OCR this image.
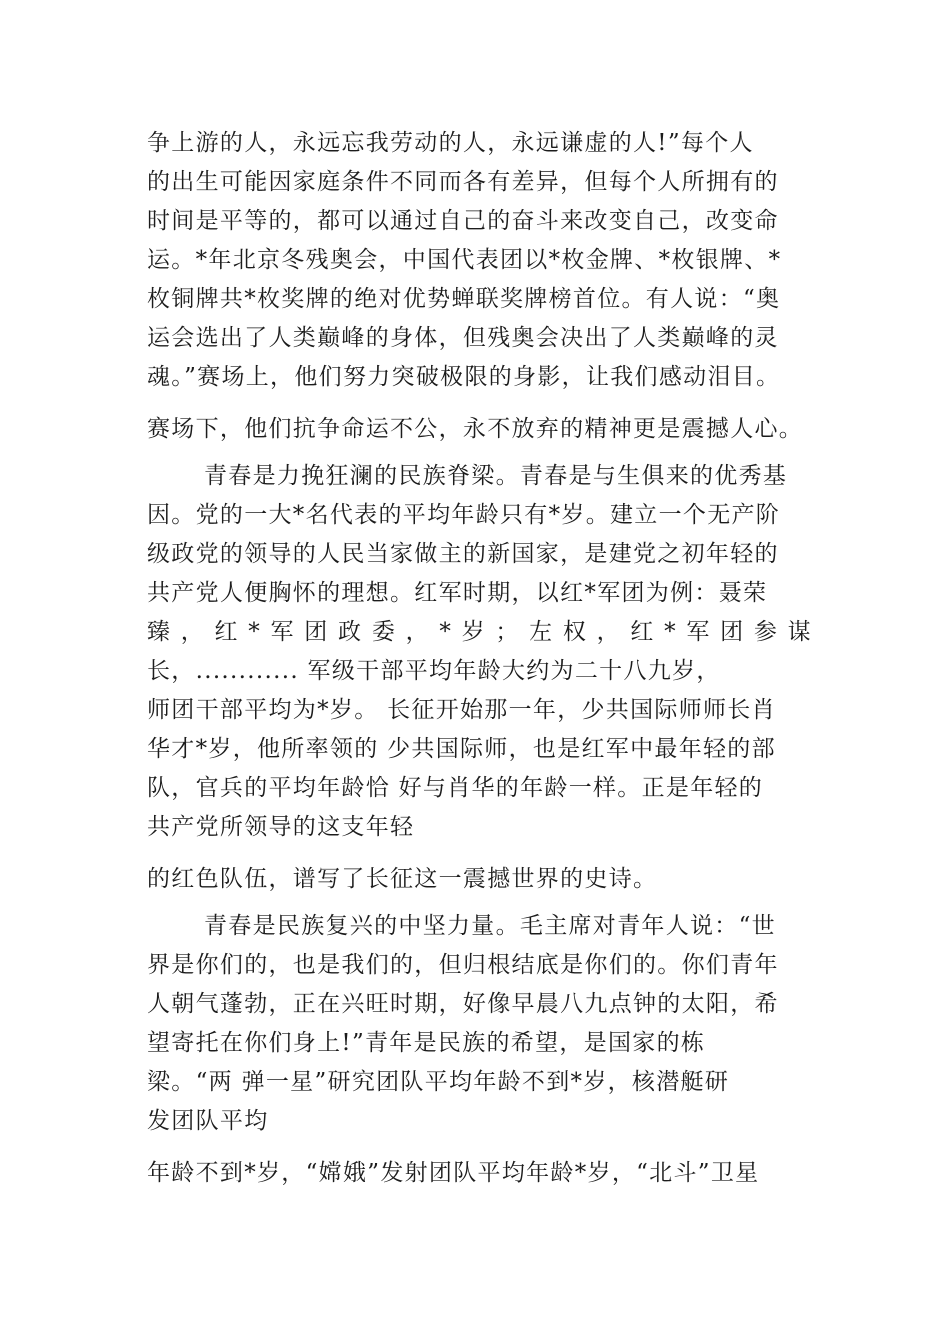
争上游的人，永远忘我劳动的人，永远谦虚的人!”每个人
的出生可能因家庭条件不同而各有差异，但每个人所拥有的
时间是平等的，都可以通过自己的奋斗来改变自己，改变命
运。*年北京冬残奥会，中国代表团以*枚金牌、*枚银牌、*
枚铜牌共*枚奖牌的绝对优势蝉联奖牌榜首位。有人说：“奥
运会选出了人类巅峰的身体，但残奥会决出了人类巅峰的灵
魂。”赛场上，他们努力突破极限的身影，让我们感动泪目。
赛场下，他们抗争命运不公，永不放弃的精神更是震撼人心。
青春是力挽狂澜的民族脊梁。青春是与生俱来的优秀基
因。党的一大*名代表的平均年龄只有*岁。建立一个无产阶
级政党的领导的人民当家做主的新国家，是建党之初年轻的
共产党人便胸怀的理想。红军时期，以红*军团为例：聂荣
臻，红*军团政委，*岁；左权，红*军团参谋
长，............ 军级干部平均年龄大约为二十八九岁，
师团干部平均为*岁。 长征开始那一年，少共国际师师长肖
华才*岁，他所率领的 少共国际师，也是红军中最年轻的部
队，官兵的平均年龄恰 好与肖华的年龄一样。正是年轻的
共产党所领导的这支年轻
的红色队伍，谱写了长征这一震撼世界的史诗。
青春是民族复兴的中坚力量。毛主席对青年人说：“世
界是你们的，也是我们的，但归根结底是你们的。你们青年
人朝气蓬勃，正在兴旺时期，好像早晨八九点钟的太阳，希
望寄托在你们身上!”青年是民族的希望，是国家的栋
梁。“两 弹一星”研究团队平均年龄不到*岁，核潜艇研
发团队平均
年龄不到*岁，“嫦娥”发射团队平均年龄*岁，“北斗”卫星
